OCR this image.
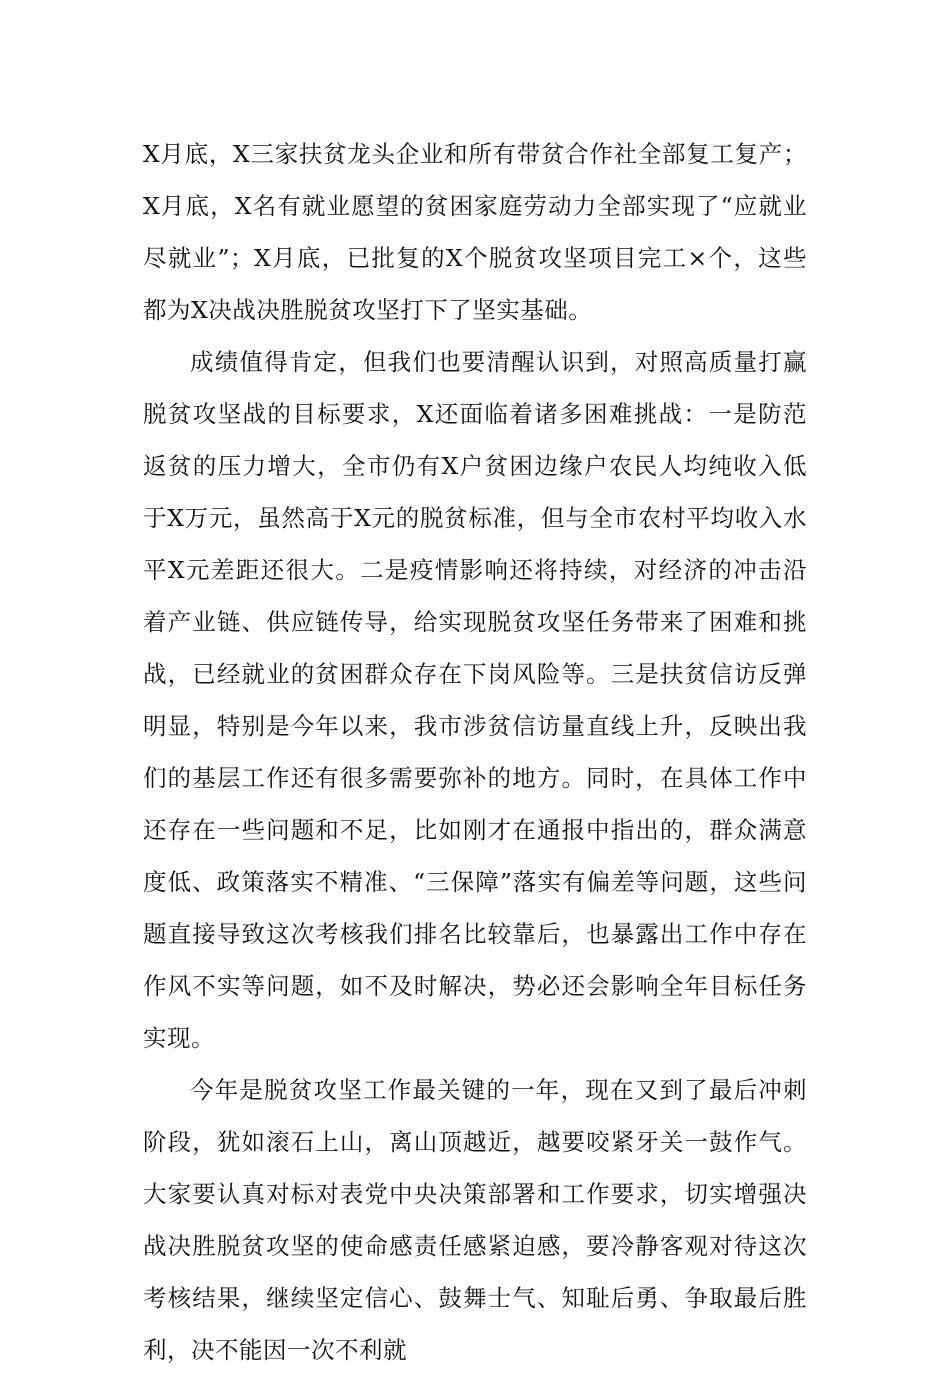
X月底，X三家扶贫龙头企业和所有带贫合作社全部复工复产；X月底，X名有就业愿望的贫困家庭劳动力全部实现了“应就业尽就业”；X月底，已批复的X个脱贫攻坚项目完工×个，这些都为X决战决胜脱贫攻坚打下了坚实基础。

成绩值得肯定，但我们也要清醒认识到，对照高质量打赢脱贫攻坚战的目标要求，X还面临着诸多困难挑战：一是防范返贫的压力增大，全市仍有X户贫困边缘户农民人均纯收入低于X万元，虽然高于X元的脱贫标准，但与全市农村平均收入水平X元差距还很大。二是疫情影响还将持续，对经济的冲击沿着产业链、供应链传导，给实现脱贫攻坚任务带来了困难和挑战，已经就业的贫困群众存在下岗风险等。三是扶贫信访反弹明显，特别是今年以来，我市涉贫信访量直线上升，反映出我们的基层工作还有很多需要弥补的地方。同时，在具体工作中还存在一些问题和不足，比如刚才在通报中指出的，群众满意度低、政策落实不精准、“三保障”落实有偏差等问题，这些问题直接导致这次考核我们排名比较靠后，也暴露出工作中存在作风不实等问题，如不及时解决，势必还会影响全年目标任务实现。

今年是脱贫攻坚工作最关键的一年，现在又到了最后冲刺阶段，犹如滚石上山，离山顶越近，越要咬紧牙关一鼓作气。大家要认真对标对表党中央决策部署和工作要求，切实增强决战决胜脱贫攻坚的使命感责任感紧迫感，要冷静客观对待这次考核结果，继续坚定信心、鼓舞士气、知耻后勇、争取最后胜利，决不能因一次不利就
